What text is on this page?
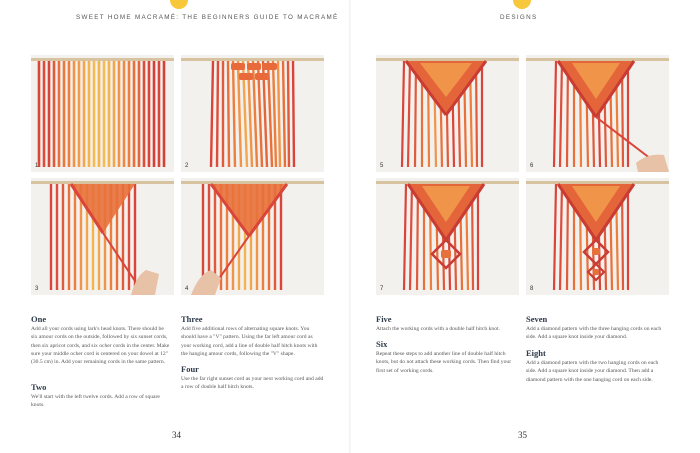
SWEET HOME MACRAMÉ: THE BEGINNERS GUIDE TO MACRAMÉ
1	2
3	4
One
Add all your cords using lark's head knots. There should be six amour cords on the outside, followed by six sunset cords, then six apricot cords, and six ocher cords in the center. Make sure your middle ocher cord is centered on your dowel at 12" (30.5 cm) in. Add your remaining cords in the same pattern.
Two
We'll start with the left twelve cords. Add a row of square knots.
Three
Add five additional rows of alternating square knots. You should have a "V" pattern. Using the far left amour cord as your working cord, add a line of double half hitch knots with the hanging amour cords, following the "V" shape.
Four
Use the far right sunset cord as your next working cord and add a row of double half hitch knots.
34
DESIGNS
5	6
7	8
Five
Attach the working cords with a double half hitch knot.
Six
Repeat these steps to add another line of double half hitch knots, but do not attach these working cords. Then find your first set of working cords.
Seven
Add a diamond pattern with the three hanging cords on each side. Add a square knot inside your diamond.
Eight
Add a diamond pattern with the two hanging cords on each side. Add a square knot inside your diamond. Then add a diamond pattern with the one hanging cord on each side.
35
